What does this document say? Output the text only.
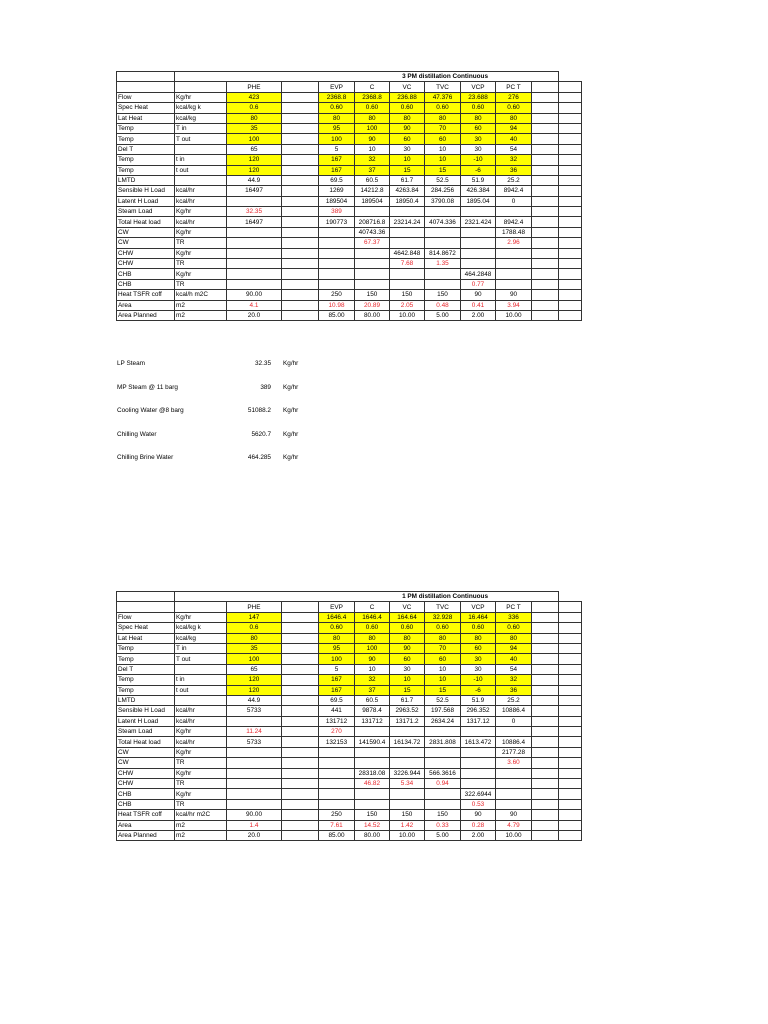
	3 PM distillation Continuous										
		PHE		EVP	C	VC	TVC	VCP	PC T		
Flow	Kg/hr	423		2368.8	2368.8	236.88	47.376	23.688	276		
Spec Heat	kcal/kg k	0.6		0.60	0.60	0.60	0.60	0.60	0.60		
Lat Heat	kcal/kg	80		80	80	80	80	80	80		
Temp	T in	35		95	100	90	70	60	94		
Temp	T out	100		100	90	60	60	30	40		
Del T		65		5	10	30	10	30	54		
Temp	t in	120		167	32	10	10	-10	32		
Temp	t out	120		167	37	15	15	-6	36		
LMTD		44.9		69.5	60.5	61.7	52.5	51.9	25.2		
Sensible H Load	kcal/hr	16497		1269	14212.8	4263.84	284.256	426.384	8942.4		
Latent H Load	kcal/hr			189504	189504	18950.4	3790.08	1895.04	0		
Steam Load	Kg/hr	32.35		389							
Total Heat load	kcal/hr	16497		190773	208716.8	23214.24	4074.336	2321.424	8942.4		
CW	Kg/hr				40743.36				1788.48		
CW	TR				67.37				2.96		
CHW	Kg/hr					4642.848	814.8672				
CHW	TR					7.68	1.35				
CHB	Kg/hr							464.2848			
CHB	TR							0.77			
Heat TSFR coff	kcal/h m2C	90.00		250	150	150	150	90	90		
Area	m2	4.1		10.98	20.89	2.05	0.48	0.41	3.94		
Area Planned	m2	20.0		85.00	80.00	10.00	5.00	2.00	10.00		
LP Steam	32.35 Kg/hr
MP Steam @ 11 barg	389 Kg/hr
Cooling Water @8 barg	51088.2 Kg/hr
Chilling Water	5620.7 Kg/hr
Chilling Brine Water	464.285 Kg/hr
	1 PM distillation Continuous										
		PHE		EVP	C	VC	TVC	VCP	PC T		
Flow	Kg/hr	147		1646.4	1646.4	164.64	32.928	16.464	336		
Spec Heat	kcal/kg k	0.6		0.60	0.60	0.60	0.60	0.60	0.60		
Lat Heat	kcal/kg	80		80	80	80	80	80	80		
Temp	T in	35		95	100	90	70	60	94		
Temp	T out	100		100	90	60	60	30	40		
Del T		65		5	10	30	10	30	54		
Temp	t in	120		167	32	10	10	-10	32		
Temp	t out	120		167	37	15	15	-6	36		
LMTD		44.9		69.5	60.5	61.7	52.5	51.9	25.2		
Sensible H Load	kcal/hr	5733		441	9878.4	2963.52	197.568	296.352	10886.4		
Latent H Load	kcal/hr			131712	131712	13171.2	2634.24	1317.12	0		
Steam Load	Kg/hr	11.24		270							
Total Heat load	kcal/hr	5733		132153	141590.4	16134.72	2831.808	1613.472	10886.4		
CW	Kg/hr								2177.28		
CW	TR								3.60		
CHW	Kg/hr				28318.08	3226.944	566.3616				
CHW	TR				46.82	5.34	0.94				
CHB	Kg/hr							322.6944			
CHB	TR							0.53			
Heat TSFR coff	kcal/hr m2C	90.00		250	150	150	150	90	90		
Area	m2	1.4		7.61	14.52	1.42	0.33	0.28	4.79		
Area Planned	m2	20.0		85.00	80.00	10.00	5.00	2.00	10.00		
